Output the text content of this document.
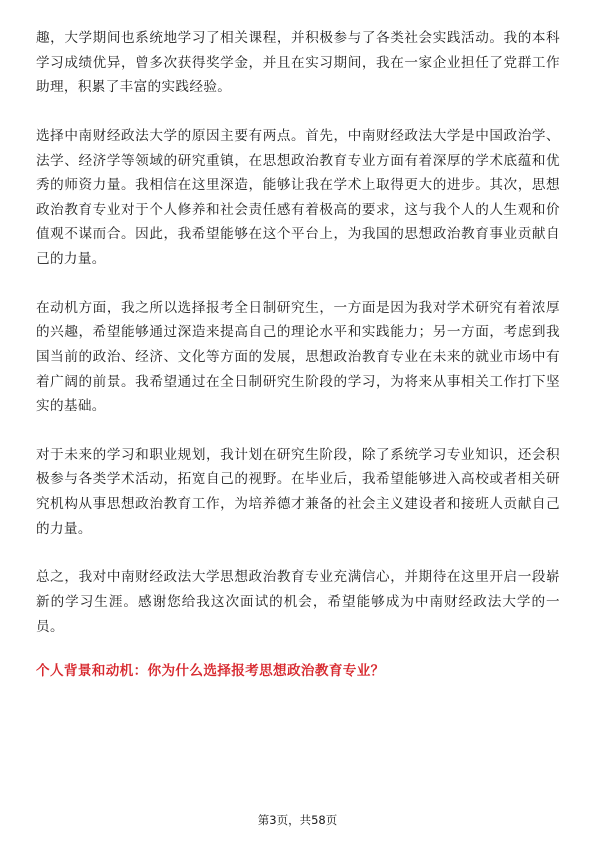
趣，大学期间也系统地学习了相关课程，并积极参与了各类社会实践活动。我的本科学习成绩优异，曾多次获得奖学金，并且在实习期间，我在一家企业担任了党群工作助理，积累了丰富的实践经验。

选择中南财经政法大学的原因主要有两点。首先，中南财经政法大学是中国政治学、法学、经济学等领域的研究重镇，在思想政治教育专业方面有着深厚的学术底蕴和优秀的师资力量。我相信在这里深造，能够让我在学术上取得更大的进步。其次，思想政治教育专业对于个人修养和社会责任感有着极高的要求，这与我个人的人生观和价值观不谋而合。因此，我希望能够在这个平台上，为我国的思想政治教育事业贡献自己的力量。

在动机方面，我之所以选择报考全日制研究生，一方面是因为我对学术研究有着浓厚的兴趣，希望能够通过深造来提高自己的理论水平和实践能力；另一方面，考虑到我国当前的政治、经济、文化等方面的发展，思想政治教育专业在未来的就业市场中有着广阔的前景。我希望通过在全日制研究生阶段的学习，为将来从事相关工作打下坚实的基础。

对于未来的学习和职业规划，我计划在研究生阶段，除了系统学习专业知识，还会积极参与各类学术活动，拓宽自己的视野。在毕业后，我希望能够进入高校或者相关研究机构从事思想政治教育工作，为培养德才兼备的社会主义建设者和接班人贡献自己的力量。

总之，我对中南财经政法大学思想政治教育专业充满信心，并期待在这里开启一段崭新的学习生涯。感谢您给我这次面试的机会，希望能够成为中南财经政法大学的一员。

个人背景和动机：你为什么选择报考思想政治教育专业？
第3页，共58页
